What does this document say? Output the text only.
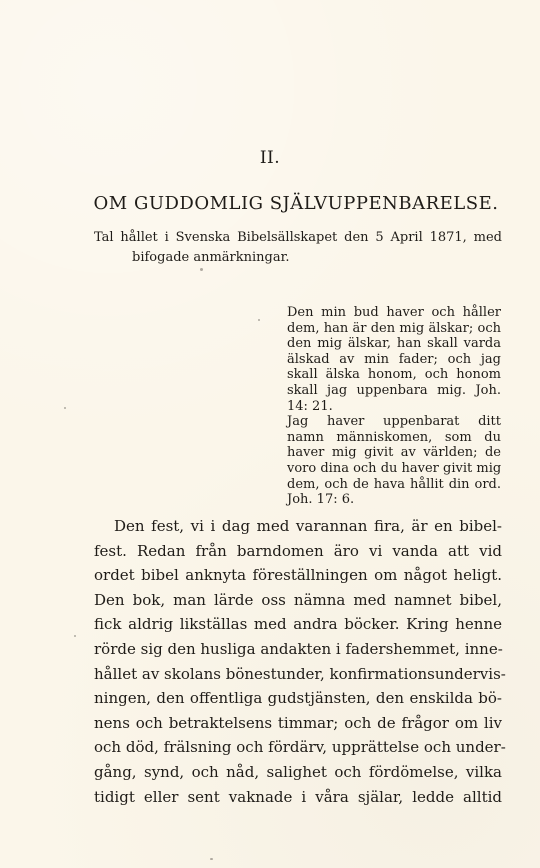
II.
OM GUDDOMLIG SJÄLVUPPENBARELSE.
Tal hållet i Svenska Bibelsällskapet den 5 April 1871, med
bifogade anmärkningar.
Den min bud haver och håller
dem, han är den mig älskar; och
den mig älskar, han skall varda
älskad av min fader; och jag
skall älska honom, och honom
skall jag uppenbara mig. Joh.
14: 21.
Jag haver uppenbarat ditt
namn människomen, som du
haver mig givit av världen; de
voro dina och du haver givit mig
dem, och de hava hållit din ord.
Joh. 17: 6.
Den fest, vi i dag med varannan fira, är en bibel-
fest. Redan från barndomen äro vi vanda att vid
ordet bibel anknyta föreställningen om något heligt.
Den bok, man lärde oss nämna med namnet bibel,
fick aldrig likställas med andra böcker. Kring henne
rörde sig den husliga andakten i fadershemmet, inne-
hållet av skolans bönestunder, konfirmationsundervis-
ningen, den offentliga gudstjänsten, den enskilda bö-
nens och betraktelsens timmar; och de frågor om liv
och död, frälsning och fördärv, upprättelse och under-
gång, synd, och nåd, salighet och fördömelse, vilka
tidigt eller sent vaknade i våra själar, ledde alltid
